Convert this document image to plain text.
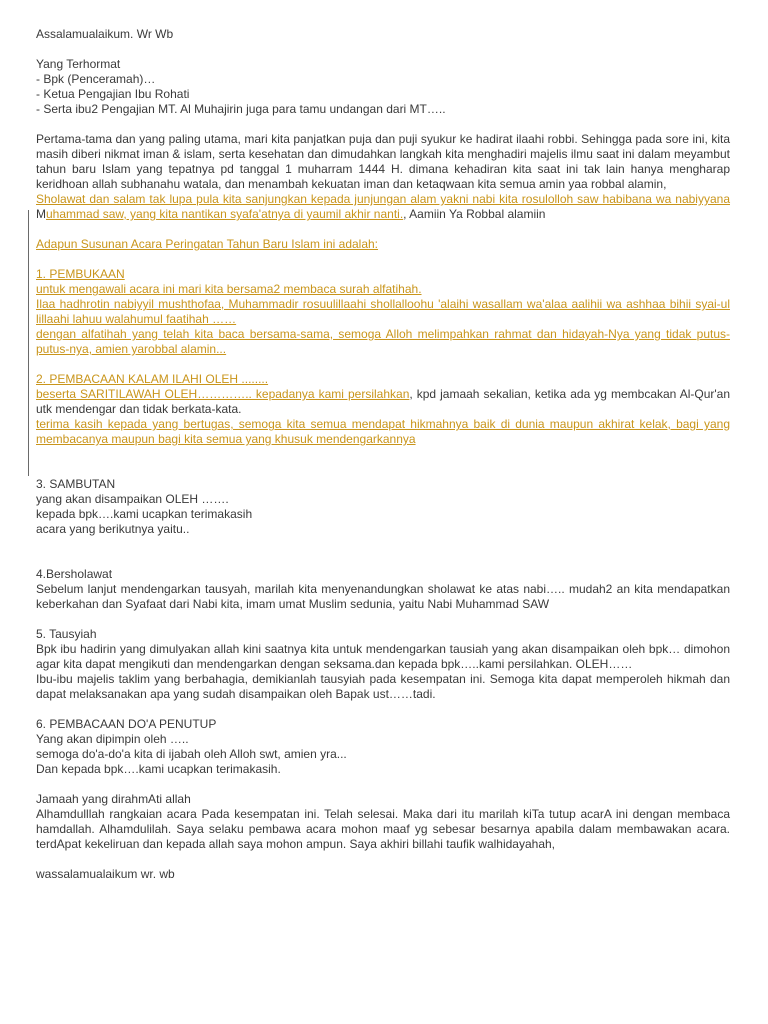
Assalamualaikum. Wr Wb

Yang Terhormat

- Bpk (Penceramah)…

- Ketua Pengajian Ibu Rohati

- Serta ibu2 Pengajian MT. Al Muhajirin juga para tamu undangan dari MT…..

Pertama-tama dan yang paling utama, mari kita panjatkan puja dan puji syukur ke hadirat ilaahi robbi. Sehingga pada sore ini, kita masih diberi nikmat iman & islam, serta kesehatan dan dimudahkan langkah kita menghadiri majelis ilmu saat ini dalam meyambut tahun baru Islam yang tepatnya pd tanggal 1 muharram 1444 H. dimana kehadiran kita saat ini tak lain hanya mengharap keridhoan allah subhanahu watala, dan menambah kekuatan iman dan ketaqwaan kita semua amin yaa robbal alamin,

Sholawat dan salam tak lupa pula kita sanjungkan kepada junjungan alam yakni nabi kita rosulolloh saw habibana wa nabiyyana Muhammad saw, yang kita nantikan syafa'atnya di yaumil akhir nanti., Aamiin Ya Robbal alamiin

Adapun Susunan Acara Peringatan Tahun Baru Islam ini adalah:

1. PEMBUKAAN

untuk mengawali acara ini mari kita bersama2 membaca surah alfatihah.

Ilaa hadhrotin nabiyyil mushthofaa, Muhammadir rosuulillaahi shollalloohu 'alaihi wasallam wa'alaa aalihii wa ashhaa bihii syai-ul lillaahi lahuu walahumul faatihah ……

dengan alfatihah yang telah kita baca bersama-sama, semoga Alloh melimpahkan rahmat dan hidayah-Nya yang tidak putus-putus-nya, amien yarobbal alamin...

2. PEMBACAAN KALAM ILAHI OLEH ........

beserta SARITILAWAH OLEH………….. kepadanya kami persilahkan, kpd jamaah sekalian, ketika ada yg membcakan Al-Qur'an utk mendengar dan tidak berkata-kata.

terima kasih kepada yang bertugas, semoga kita semua mendapat hikmahnya baik di dunia maupun akhirat kelak, bagi yang membacanya maupun bagi kita semua yang khusuk mendengarkannya

3. SAMBUTAN

yang akan disampaikan OLEH …….

kepada bpk….kami ucapkan terimakasih

acara yang berikutnya yaitu..

4.Bersholawat

Sebelum lanjut mendengarkan tausyah, marilah kita menyenandungkan sholawat ke atas nabi….. mudah2 an kita mendapatkan keberkahan dan Syafaat dari Nabi kita, imam umat Muslim sedunia, yaitu Nabi Muhammad SAW

5. Tausyiah

Bpk ibu hadirin yang dimulyakan allah kini saatnya kita untuk mendengarkan tausiah yang akan disampaikan oleh bpk… dimohon agar kita dapat mengikuti dan mendengarkan dengan seksama.dan kepada bpk…..kami persilahkan. OLEH……

Ibu-ibu majelis taklim yang berbahagia, demikianlah tausyiah pada kesempatan ini. Semoga kita dapat memperoleh hikmah dan dapat melaksanakan apa yang sudah disampaikan oleh Bapak ust……tadi.

6. PEMBACAAN DO'A PENUTUP

Yang akan dipimpin oleh …..

semoga do'a-do'a kita di ijabah oleh Alloh swt, amien yra...

Dan kepada bpk….kami ucapkan terimakasih.

Jamaah yang dirahmAti allah

Alhamdulllah rangkaian acara Pada kesempatan ini. Telah selesai. Maka dari itu marilah kiTa tutup acarA ini dengan membaca hamdallah. Alhamdulilah. Saya selaku pembawa acara mohon maaf yg sebesar besarnya apabila dalam membawakan acara. terdApat kekeliruan dan kepada allah saya mohon ampun. Saya akhiri billahi taufik walhidayahah,

wassalamualaikum wr. wb
